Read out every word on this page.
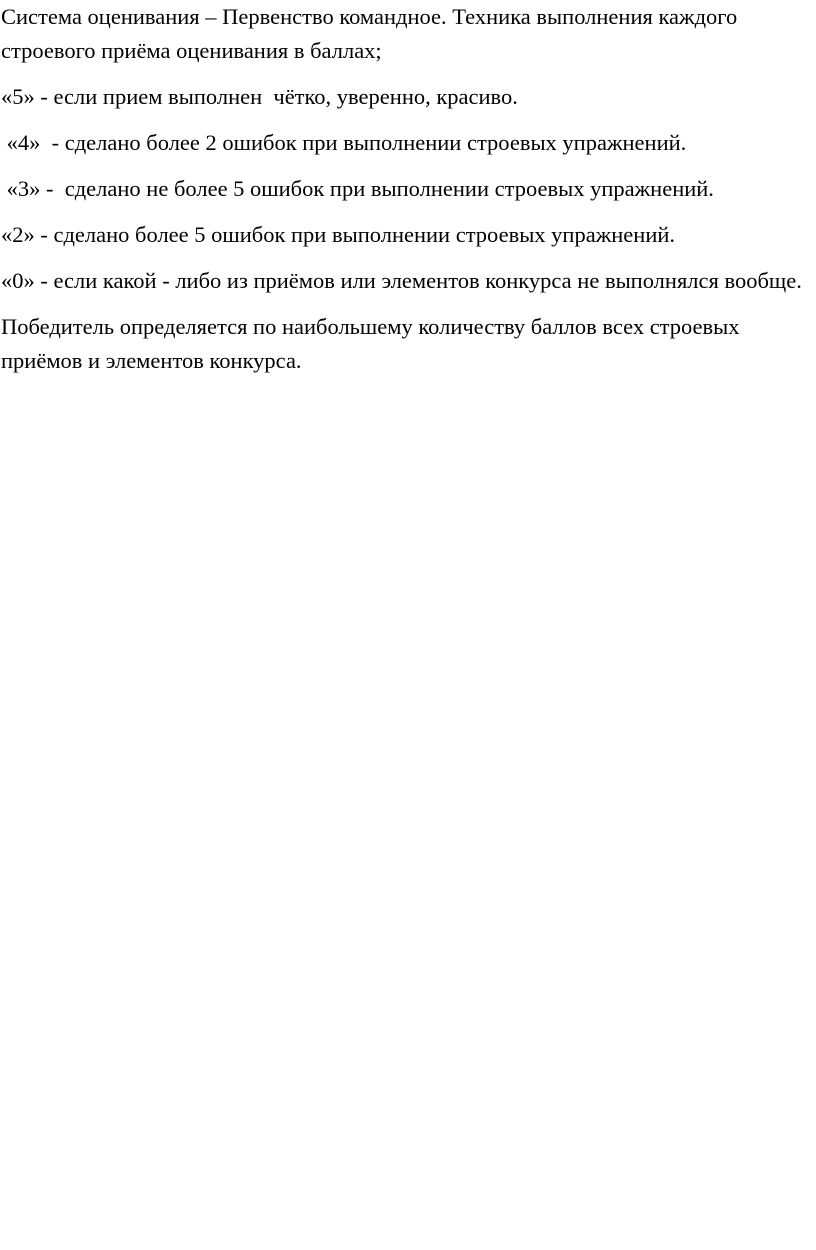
Система оценивания – Первенство командное. Техника выполнения каждого строевого приёма оценивания в баллах;

«5» - если прием выполнен  чётко, уверенно, красиво.

«4»  - сделано более 2 ошибок при выполнении строевых упражнений.

«3» -  сделано не более 5 ошибок при выполнении строевых упражнений.

«2» - сделано более 5 ошибок при выполнении строевых упражнений.

«0» - если какой - либо из приёмов или элементов конкурса не выполнялся вообще.

Победитель определяется по наибольшему количеству баллов всех строевых приёмов и элементов конкурса.
